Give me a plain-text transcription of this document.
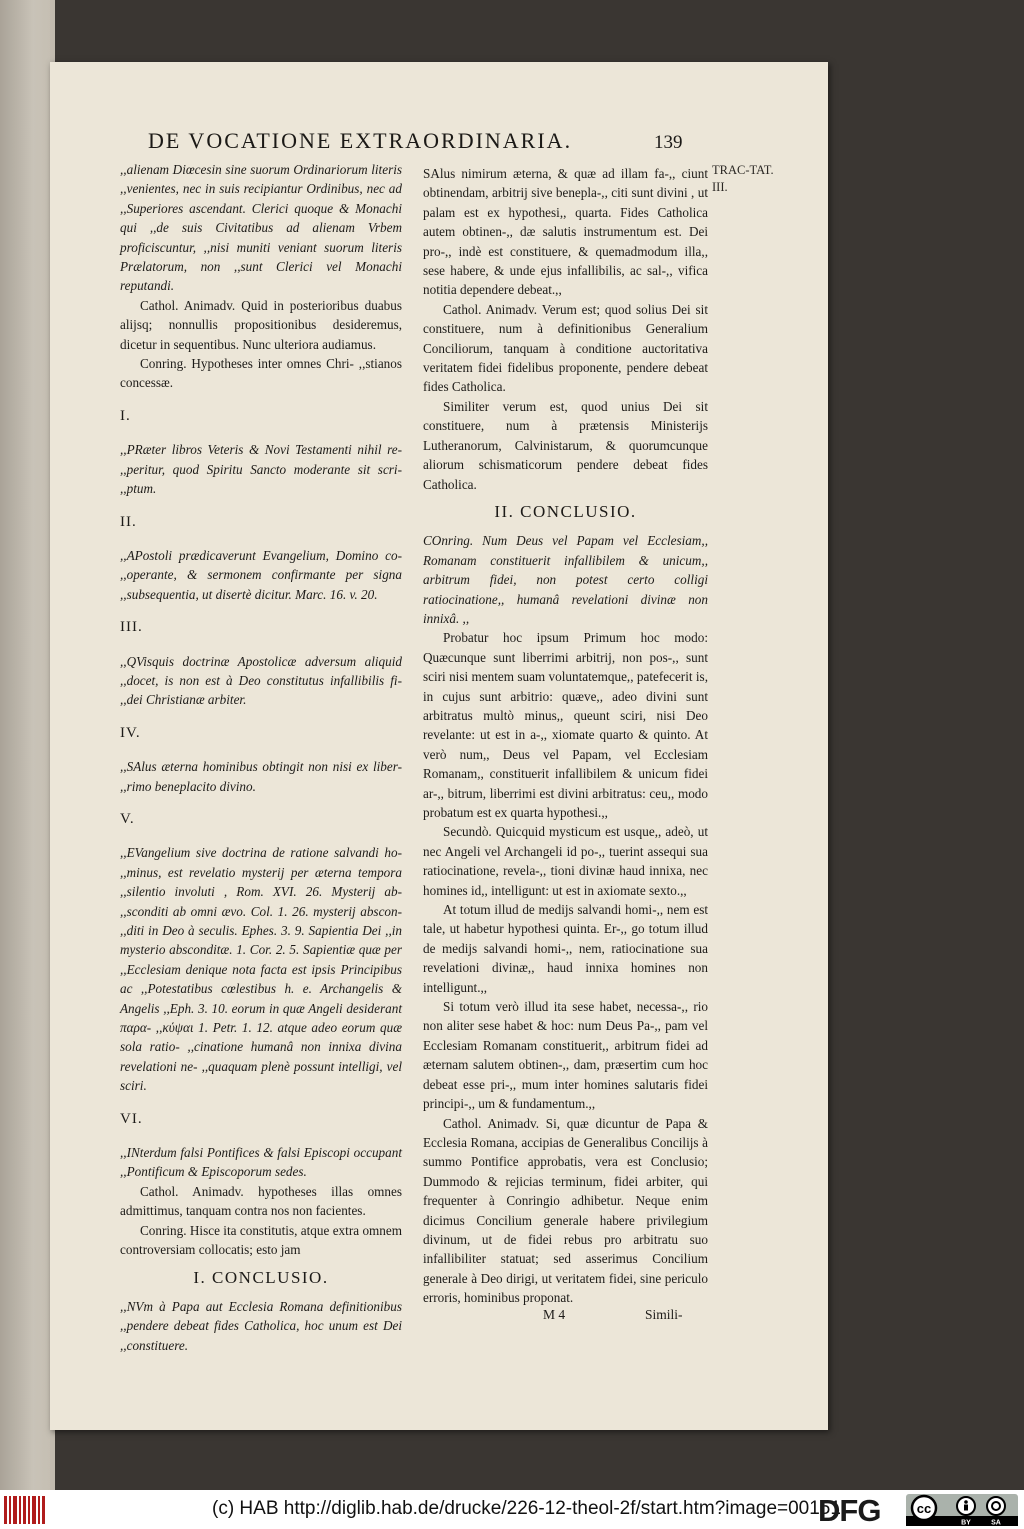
DE VOCATIONE EXTRAORDINARIA.	139
TRAC-TAT. III.

,,alienam Diœcesin sine suorum Ordinariorum literis ,,venientes, nec in suis recipiantur Ordinibus, nec ad ,,Superiores ascendant. Clerici quoque & Monachi qui ,,de suis Civitatibus ad alienam Vrbem proficiscuntur, ,,nisi muniti veniant suorum literis Prælatorum, non ,,sunt Clerici vel Monachi reputandi.

Cathol. Animadv. Quid in posterioribus duabus alijsq; nonnullis propositionibus desideremus, dicetur in sequentibus. Nunc ulteriora audiamus.

Conring. Hypotheses inter omnes Chri- ,,stianos concessæ.

I.

,,PRæter libros Veteris & Novi Testamenti nihil re- ,,peritur, quod Spiritu Sancto moderante sit scri- ,,ptum.

II.

,,APostoli prædicaverunt Evangelium, Domino co- ,,operante, & sermonem confirmante per signa ,,subsequentia, ut disertè dicitur. Marc. 16. v. 20.

III.

,,QVisquis doctrinæ Apostolicæ adversum aliquid ,,docet, is non est à Deo constitutus infallibilis fi- ,,dei Christianæ arbiter.

IV.

,,SAlus æterna hominibus obtingit non nisi ex liber- ,,rimo beneplacito divino.

V.

,,EVangelium sive doctrina de ratione salvandi ho- ,,minus, est revelatio mysterij per æterna tempora ,,silentio involuti , Rom. XVI. 26. Mysterij ab- ,,sconditi ab omni ævo. Col. 1. 26. mysterij abscon- ,,diti in Deo à seculis. Ephes. 3. 9. Sapientia Dei ,,in mysterio absconditæ. 1. Cor. 2. 5. Sapientiæ quæ per ,,Ecclesiam denique nota facta est ipsis Principibus ac ,,Potestatibus cœlestibus h. e. Archangelis & Angelis ,,Eph. 3. 10. eorum in quæ Angeli desiderant παρα- ,,κύψαι 1. Petr. 1. 12. atque adeo eorum quæ sola ratio- ,,cinatione humanâ non innixa divina revelationi ne- ,,quaquam plenè possunt intelligi, vel sciri.

VI.

,,INterdum falsi Pontifices & falsi Episcopi occupant ,,Pontificum & Episcoporum sedes.

Cathol. Animadv. hypotheses illas omnes admittimus, tanquam contra nos non facientes.

Conring. Hisce ita constitutis, atque extra omnem controversiam collocatis; esto jam

I. CONCLUSIO.

,,NVm à Papa aut Ecclesia Romana definitionibus ,,pendere debeat fides Catholica, hoc unum est Dei ,,constituere.

SAlus nimirum æterna, & quæ ad illam fa-,, ciunt obtinendam, arbitrij sive benepla-,, citi sunt divini , ut palam est ex hypothesi,, quarta. Fides Catholica autem obtinen-,, dæ salutis instrumentum est. Dei pro-,, indè est constituere, & quemadmodum illa,, sese habere, & unde ejus infallibilis, ac sal-,, vifica notitia dependere debeat.,,

Cathol. Animadv. Verum est; quod solius Dei sit constituere, num à definitionibus Generalium Conciliorum, tanquam à conditione auctoritativa veritatem fidei fidelibus proponente, pendere debeat fides Catholica.

Similiter verum est, quod unius Dei sit constituere, num à prætensis Ministerijs Lutheranorum, Calvinistarum, & quorumcunque aliorum schismaticorum pendere debeat fides Catholica.

II. CONCLUSIO.

COnring. Num Deus vel Papam vel Ecclesiam,, Romanam constituerit infallibilem & unicum,, arbitrum fidei, non potest certo colligi ratiocinatione,, humanâ revelationi divinæ non innixâ. ,,

Probatur hoc ipsum Primum hoc modo: Quæcunque sunt liberrimi arbitrij, non pos-,, sunt sciri nisi mentem suam voluntatemque,, patefecerit is, in cujus sunt arbitrio: quæve,, adeo divini sunt arbitratus multò minus,, queunt sciri, nisi Deo revelante: ut est in a-,, xiomate quarto & quinto. At verò num,, Deus vel Papam, vel Ecclesiam Romanam,, constituerit infallibilem & unicum fidei ar-,, bitrum, liberrimi est divini arbitratus: ceu,, modo probatum est ex quarta hypothesi.,,

Secundò. Quicquid mysticum est usque,, adeò, ut nec Angeli vel Archangeli id po-,, tuerint assequi sua ratiocinatione, revela-,, tioni divinæ haud innixa, nec homines id,, intelligunt: ut est in axiomate sexto.,,

At totum illud de medijs salvandi homi-,, nem est tale, ut habetur hypothesi quinta. Er-,, go totum illud de medijs salvandi homi-,, nem, ratiocinatione sua revelationi divinæ,, haud innixa homines non intelligunt.,,

Si totum verò illud ita sese habet, necessa-,, rio non aliter sese habet & hoc: num Deus Pa-,, pam vel Ecclesiam Romanam constituerit,, arbitrum fidei ad æternam salutem obtinen-,, dam, præsertim cum hoc debeat esse pri-,, mum inter homines salutaris fidei principi-,, um & fundamentum.,,

Cathol. Animadv. Si, quæ dicuntur de Papa & Ecclesia Romana, accipias de Generalibus Concilijs à summo Pontifice approbatis, vera est Conclusio; Dummodo & rejicias terminum, fidei arbiter, qui frequenter à Conringio adhibetur. Neque enim dicimus Concilium generale habere privilegium divinum, ut de fidei rebus pro arbitratu suo infallibiliter statuat; sed asserimus Concilium generale à Deo dirigi, ut veritatem fidei, sine periculo erroris, hominibus proponat.

M 4	Simili-
(c) HAB http://diglib.hab.de/drucke/226-12-theol-2f/start.htm?image=00151
DFG	cc
BY	SA
